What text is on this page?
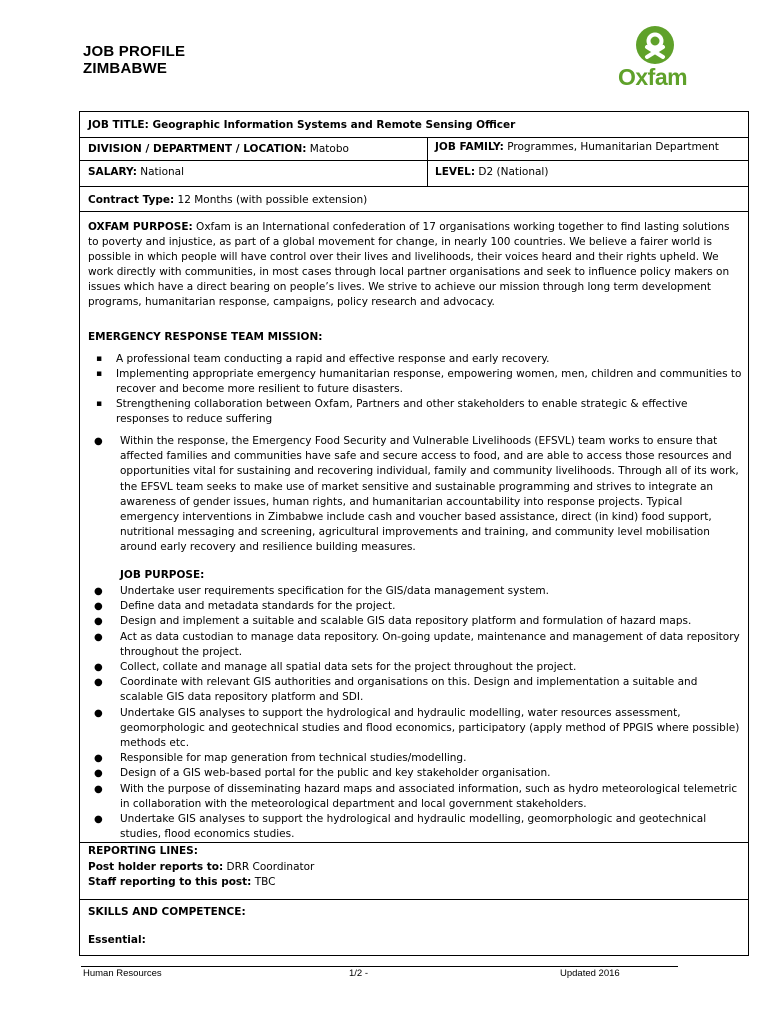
JOB PROFILE
ZIMBABWE	Oxfam
JOB TITLE: Geographic Information Systems and Remote Sensing Officer
DIVISION / DEPARTMENT / LOCATION: Matobo	JOB FAMILY: Programmes, Humanitarian Department
SALARY: National	LEVEL: D2 (National)
Contract Type: 12 Months (with possible extension)
OXFAM PURPOSE: Oxfam is an International confederation of 17 organisations working together to find lasting solutions to poverty and injustice, as part of a global movement for change, in nearly 100 countries. We believe a fairer world is possible in which people will have control over their lives and livelihoods, their voices heard and their rights upheld. We work directly with communities, in most cases through local partner organisations and seek to influence policy makers on issues which have a direct bearing on people’s lives. We strive to achieve our mission through long term development programs, humanitarian response, campaigns, policy research and advocacy.
EMERGENCY RESPONSE TEAM MISSION:
▪ A professional team conducting a rapid and effective response and early recovery.
▪ Implementing appropriate emergency humanitarian response, empowering women, men, children and communities to recover and become more resilient to future disasters.
▪ Strengthening collaboration between Oxfam, Partners and other stakeholders to enable strategic & effective responses to reduce suffering
● Within the response, the Emergency Food Security and Vulnerable Livelihoods (EFSVL) team works to ensure that affected families and communities have safe and secure access to food, and are able to access those resources and opportunities vital for sustaining and recovering individual, family and community livelihoods. Through all of its work, the EFSVL team seeks to make use of market sensitive and sustainable programming and strives to integrate an awareness of gender issues, human rights, and humanitarian accountability into response projects. Typical emergency interventions in Zimbabwe include cash and voucher based assistance, direct (in kind) food support, nutritional messaging and screening, agricultural improvements and training, and community level mobilisation around early recovery and resilience building measures.
JOB PURPOSE:
● Undertake user requirements specification for the GIS/data management system.
● Define data and metadata standards for the project.
● Design and implement a suitable and scalable GIS data repository platform and formulation of hazard maps.
● Act as data custodian to manage data repository. On-going update, maintenance and management of data repository throughout the project.
● Collect, collate and manage all spatial data sets for the project throughout the project.
● Coordinate with relevant GIS authorities and organisations on this. Design and implementation a suitable and scalable GIS data repository platform and SDI.
● Undertake GIS analyses to support the hydrological and hydraulic modelling, water resources assessment, geomorphologic and geotechnical studies and flood economics, participatory (apply method of PPGIS where possible) methods etc.
● Responsible for map generation from technical studies/modelling.
● Design of a GIS web-based portal for the public and key stakeholder organisation.
● With the purpose of disseminating hazard maps and associated information, such as hydro meteorological telemetric in collaboration with the meteorological department and local government stakeholders.
● Undertake GIS analyses to support the hydrological and hydraulic modelling, geomorphologic and geotechnical studies, flood economics studies.
REPORTING LINES:
Post holder reports to: DRR Coordinator
Staff reporting to this post: TBC
SKILLS AND COMPETENCE:
Essential:
Human Resources	1/2 -	Updated 2016
